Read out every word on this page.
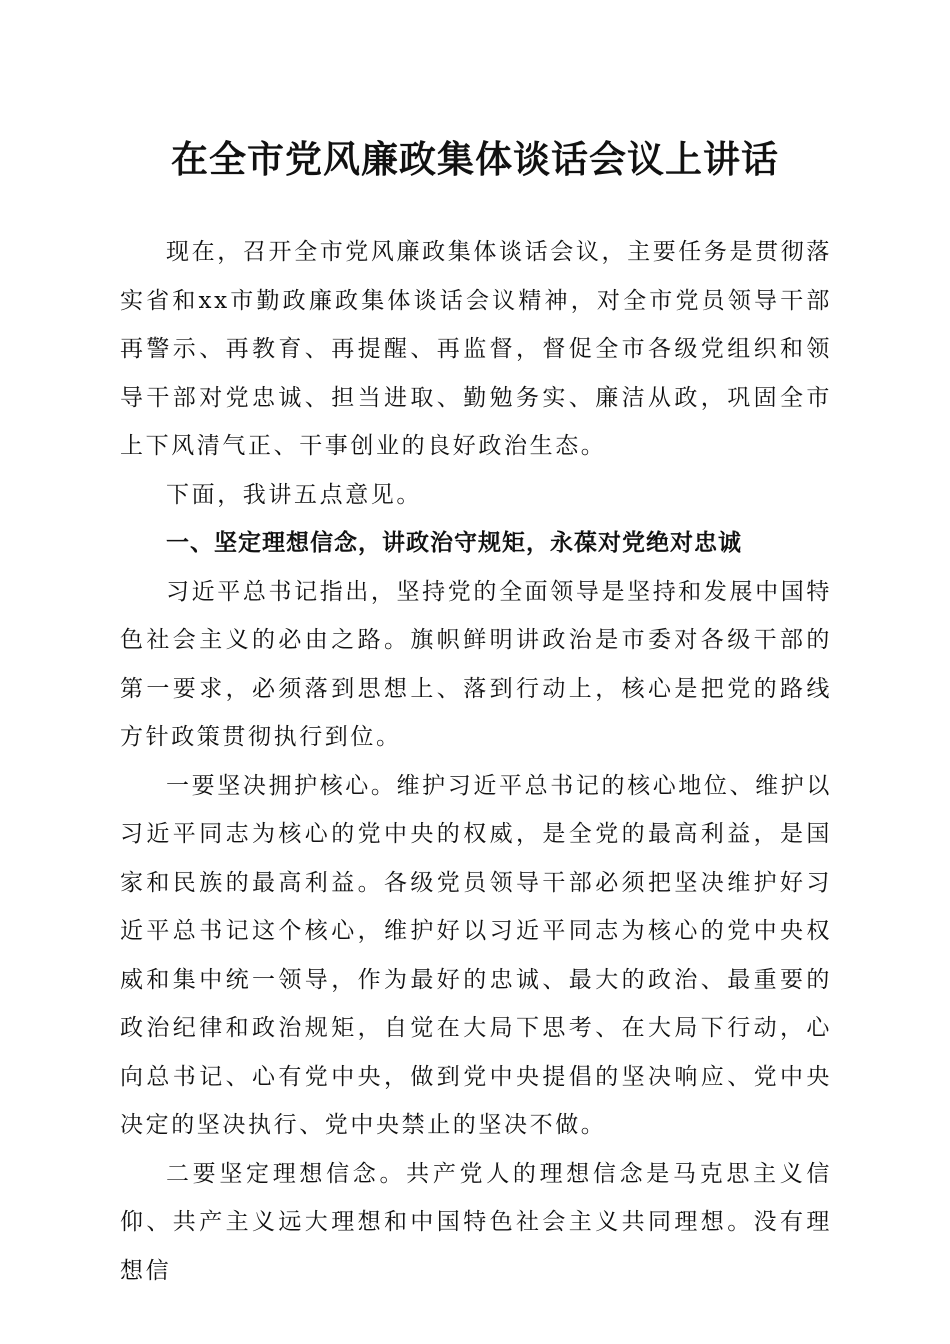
在全市党风廉政集体谈话会议上讲话

现在，召开全市党风廉政集体谈话会议，主要任务是贯彻落实省和xx市勤政廉政集体谈话会议精神，对全市党员领导干部再警示、再教育、再提醒、再监督，督促全市各级党组织和领导干部对党忠诚、担当进取、勤勉务实、廉洁从政，巩固全市上下风清气正、干事创业的良好政治生态。

下面，我讲五点意见。

一、坚定理想信念，讲政治守规矩，永葆对党绝对忠诚

习近平总书记指出，坚持党的全面领导是坚持和发展中国特色社会主义的必由之路。旗帜鲜明讲政治是市委对各级干部的第一要求，必须落到思想上、落到行动上，核心是把党的路线方针政策贯彻执行到位。

一要坚决拥护核心。维护习近平总书记的核心地位、维护以习近平同志为核心的党中央的权威，是全党的最高利益，是国家和民族的最高利益。各级党员领导干部必须把坚决维护好习近平总书记这个核心，维护好以习近平同志为核心的党中央权威和集中统一领导，作为最好的忠诚、最大的政治、最重要的政治纪律和政治规矩，自觉在大局下思考、在大局下行动，心向总书记、心有党中央，做到党中央提倡的坚决响应、党中央决定的坚决执行、党中央禁止的坚决不做。

二要坚定理想信念。共产党人的理想信念是马克思主义信仰、共产主义远大理想和中国特色社会主义共同理想。没有理想信
